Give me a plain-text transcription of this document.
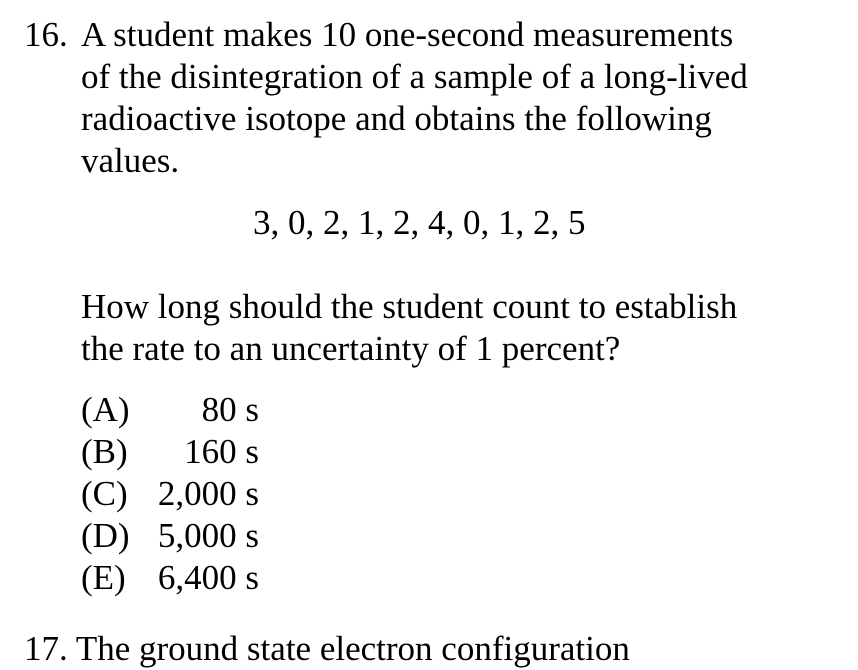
16. A student makes 10 one-second measurements
of the disintegration of a sample of a long-lived
radioactive isotope and obtains the following
values.
3, 0, 2, 1, 2, 4, 0, 1, 2, 5
How long should the student count to establish
the rate to an uncertainty of 1 percent?
(A) 80 s
(B) 160 s
(C) 2,000 s
(D) 5,000 s
(E) 6,400 s
17. The ground state electron configuration
